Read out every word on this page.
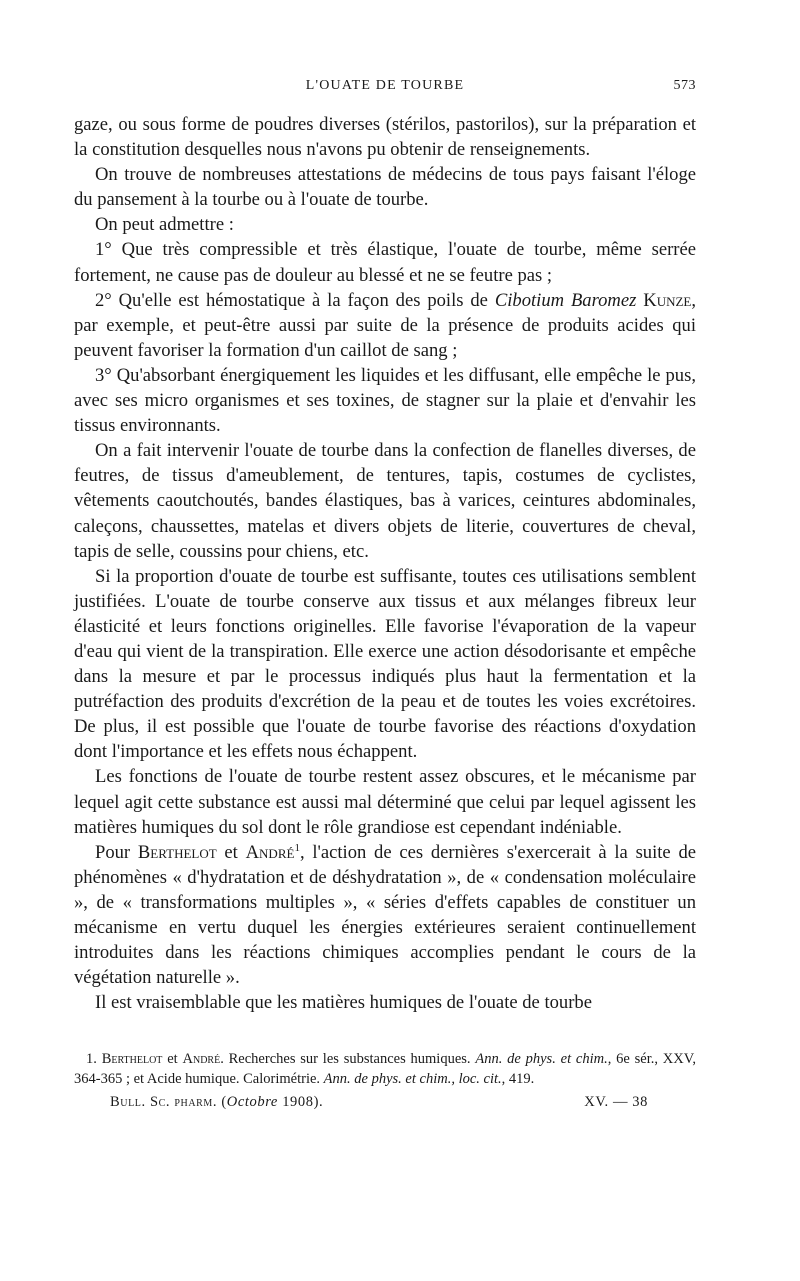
L'OUATE DE TOURBE	573

gaze, ou sous forme de poudres diverses (stérilos, pastorilos), sur la préparation et la constitution desquelles nous n'avons pu obtenir de renseignements.

On trouve de nombreuses attestations de médecins de tous pays faisant l'éloge du pansement à la tourbe ou à l'ouate de tourbe.

On peut admettre :

1° Que très compressible et très élastique, l'ouate de tourbe, même serrée fortement, ne cause pas de douleur au blessé et ne se feutre pas ;

2° Qu'elle est hémostatique à la façon des poils de Cibotium Baromez Kunze, par exemple, et peut-être aussi par suite de la présence de produits acides qui peuvent favoriser la formation d'un caillot de sang ;

3° Qu'absorbant énergiquement les liquides et les diffusant, elle empêche le pus, avec ses micro organismes et ses toxines, de stagner sur la plaie et d'envahir les tissus environnants.

On a fait intervenir l'ouate de tourbe dans la confection de flanelles diverses, de feutres, de tissus d'ameublement, de tentures, tapis, costumes de cyclistes, vêtements caoutchoutés, bandes élastiques, bas à varices, ceintures abdominales, caleçons, chaussettes, matelas et divers objets de literie, couvertures de cheval, tapis de selle, coussins pour chiens, etc.

Si la proportion d'ouate de tourbe est suffisante, toutes ces utilisations semblent justifiées. L'ouate de tourbe conserve aux tissus et aux mélanges fibreux leur élasticité et leurs fonctions originelles. Elle favorise l'évaporation de la vapeur d'eau qui vient de la transpiration. Elle exerce une action désodorisante et empêche dans la mesure et par le processus indiqués plus haut la fermentation et la putréfaction des produits d'excrétion de la peau et de toutes les voies excrétoires. De plus, il est possible que l'ouate de tourbe favorise des réactions d'oxydation dont l'importance et les effets nous échappent.

Les fonctions de l'ouate de tourbe restent assez obscures, et le mécanisme par lequel agit cette substance est aussi mal déterminé que celui par lequel agissent les matières humiques du sol dont le rôle grandiose est cependant indéniable.

Pour Berthelot et André$^1$, l'action de ces dernières s'exercerait à la suite de phénomènes « d'hydratation et de déshydratation », de « condensation moléculaire », de « transformations multiples », « séries d'effets capables de constituer un mécanisme en vertu duquel les énergies extérieures seraient continuellement introduites dans les réactions chimiques accomplies pendant le cours de la végétation naturelle ».

Il est vraisemblable que les matières humiques de l'ouate de tourbe

1. Berthelot et André. Recherches sur les substances humiques. Ann. de phys. et chim., 6e sér., XXV, 364-365 ; et Acide humique. Calorimétrie. Ann. de phys. et chim., loc. cit., 419.

Bull. Sc. pharm. (Octobre 1908).	XV. — 38
